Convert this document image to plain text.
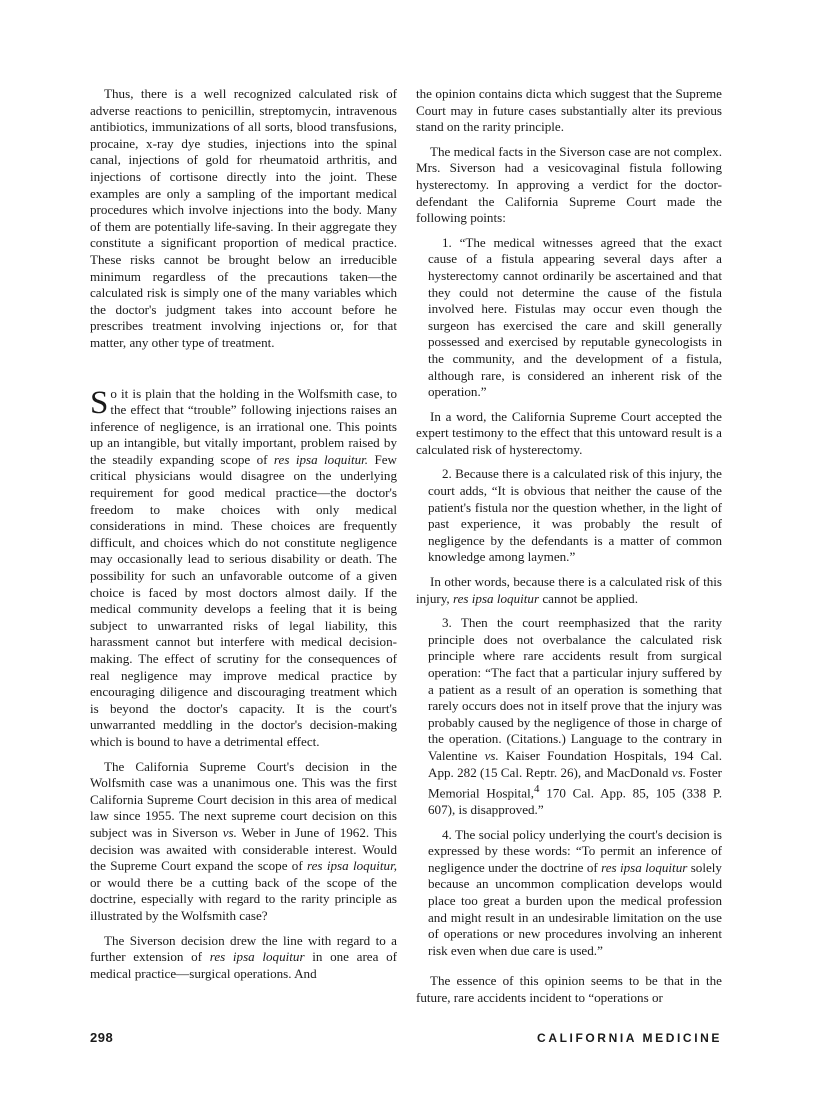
Thus, there is a well recognized calculated risk of adverse reactions to penicillin, streptomycin, intravenous antibiotics, immunizations of all sorts, blood transfusions, procaine, x-ray dye studies, injections into the spinal canal, injections of gold for rheumatoid arthritis, and injections of cortisone directly into the joint. These examples are only a sampling of the important medical procedures which involve injections into the body. Many of them are potentially life-saving. In their aggregate they constitute a significant proportion of medical practice. These risks cannot be brought below an irreducible minimum regardless of the precautions taken—the calculated risk is simply one of the many variables which the doctor's judgment takes into account before he prescribes treatment involving injections or, for that matter, any other type of treatment.

So it is plain that the holding in the Wolfsmith case, to the effect that “trouble” following injections raises an inference of negligence, is an irrational one. This points up an intangible, but vitally important, problem raised by the steadily expanding scope of res ipsa loquitur. Few critical physicians would disagree on the underlying requirement for good medical practice—the doctor's freedom to make choices with only medical considerations in mind. These choices are frequently difficult, and choices which do not constitute negligence may occasionally lead to serious disability or death. The possibility for such an unfavorable outcome of a given choice is faced by most doctors almost daily. If the medical community develops a feeling that it is being subject to unwarranted risks of legal liability, this harassment cannot but interfere with medical decision-making. The effect of scrutiny for the consequences of real negligence may improve medical practice by encouraging diligence and discouraging treatment which is beyond the doctor's capacity. It is the court's unwarranted meddling in the doctor's decision-making which is bound to have a detrimental effect.

The California Supreme Court's decision in the Wolfsmith case was a unanimous one. This was the first California Supreme Court decision in this area of medical law since 1955. The next supreme court decision on this subject was in Siverson vs. Weber in June of 1962. This decision was awaited with considerable interest. Would the Supreme Court expand the scope of res ipsa loquitur, or would there be a cutting back of the scope of the doctrine, especially with regard to the rarity principle as illustrated by the Wolfsmith case?

The Siverson decision drew the line with regard to a further extension of res ipsa loquitur in one area of medical practice—surgical operations. And

the opinion contains dicta which suggest that the Supreme Court may in future cases substantially alter its previous stand on the rarity principle.

The medical facts in the Siverson case are not complex. Mrs. Siverson had a vesicovaginal fistula following hysterectomy. In approving a verdict for the doctor-defendant the California Supreme Court made the following points:

1. “The medical witnesses agreed that the exact cause of a fistula appearing several days after a hysterectomy cannot ordinarily be ascertained and that they could not determine the cause of the fistula involved here. Fistulas may occur even though the surgeon has exercised the care and skill generally possessed and exercised by reputable gynecologists in the community, and the development of a fistula, although rare, is considered an inherent risk of the operation.”

In a word, the California Supreme Court accepted the expert testimony to the effect that this untoward result is a calculated risk of hysterectomy.

2. Because there is a calculated risk of this injury, the court adds, “It is obvious that neither the cause of the patient's fistula nor the question whether, in the light of past experience, it was probably the result of negligence by the defendants is a matter of common knowledge among laymen.”

In other words, because there is a calculated risk of this injury, res ipsa loquitur cannot be applied.

3. Then the court reemphasized that the rarity principle does not overbalance the calculated risk principle where rare accidents result from surgical operation: “The fact that a particular injury suffered by a patient as a result of an operation is something that rarely occurs does not in itself prove that the injury was probably caused by the negligence of those in charge of the operation. (Citations.) Language to the contrary in Valentine vs. Kaiser Foundation Hospitals, 194 Cal. App. 282 (15 Cal. Reptr. 26), and MacDonald vs. Foster Memorial Hospital,$^4$ 170 Cal. App. 85, 105 (338 P. 607), is disapproved.”

4. The social policy underlying the court's decision is expressed by these words: “To permit an inference of negligence under the doctrine of res ipsa loquitur solely because an uncommon complication develops would place too great a burden upon the medical profession and might result in an undesirable limitation on the use of operations or new procedures involving an inherent risk even when due care is used.”

The essence of this opinion seems to be that in the future, rare accidents incident to “operations or

298	CALIFORNIA MEDICINE
